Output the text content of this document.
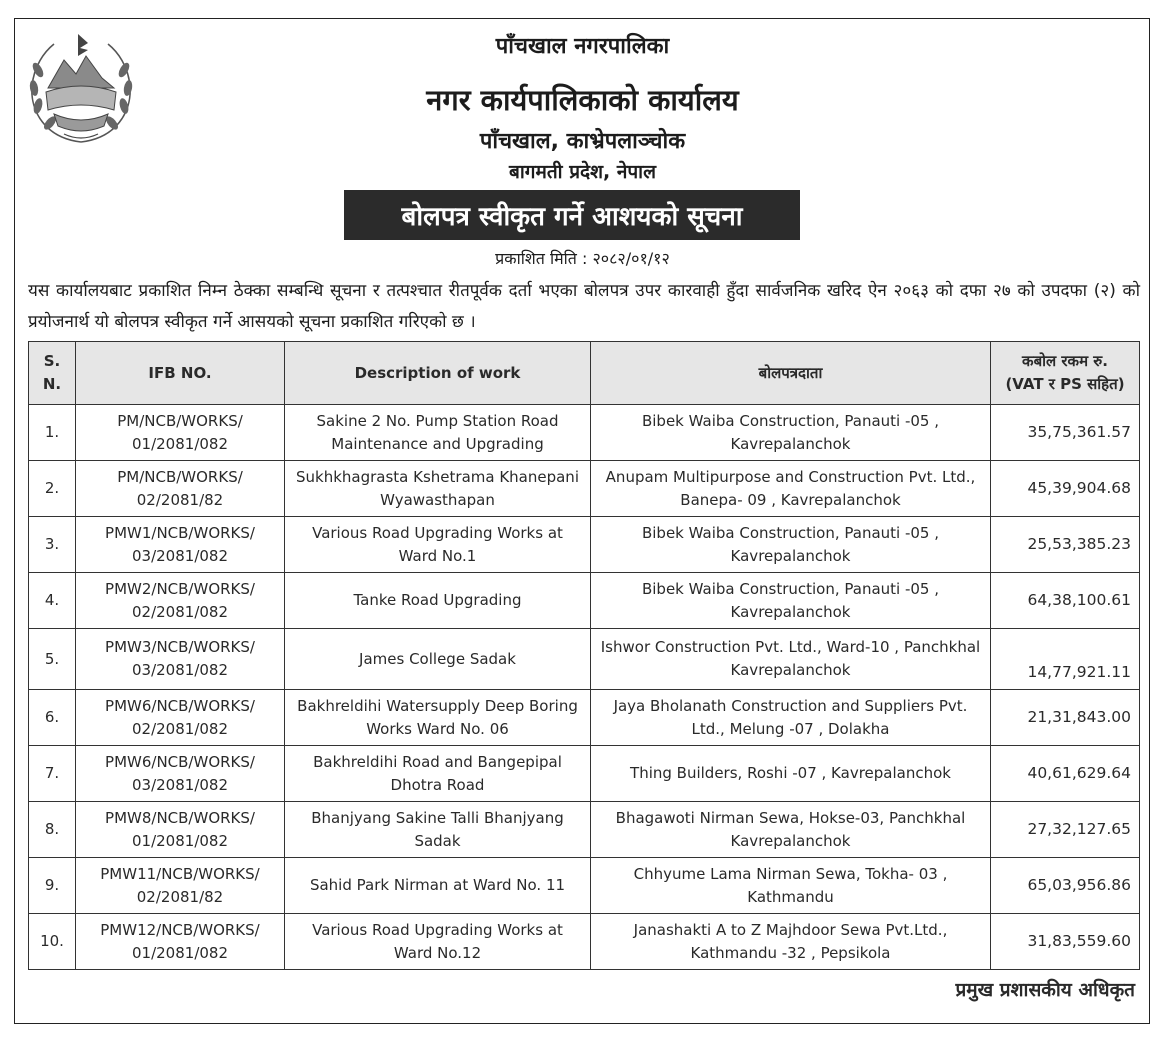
पाँचखाल नगरपालिका
नगर कार्यपालिकाको कार्यालय
पाँचखाल, काभ्रेपलाञ्चोक
बागमती प्रदेश, नेपाल
बोलपत्र स्वीकृत गर्ने आशयको सूचना
प्रकाशित मिति : २०८२/०१/१२
यस कार्यालयबाट प्रकाशित निम्न ठेक्का सम्बन्धि सूचना र तत्पश्चात रीतपूर्वक दर्ता भएका बोलपत्र उपर कारवाही हुँदा सार्वजनिक खरिद ऐन २०६३ को दफा २७ को उपदफा (२) को प्रयोजनार्थ यो बोलपत्र स्वीकृत गर्ने आसयको सूचना प्रकाशित गरिएको छ ।
S. N.	IFB NO.	Description of work	बोलपत्रदाता	कबोल रकम रु.
(VAT र PS सहित)

1.	PM/NCB/WORKS/ 01/2081/082	Sakine 2 No. Pump Station Road Maintenance and Upgrading	Bibek Waiba Construction, Panauti -05 , Kavrepalanchok	35,75,361.57
2.	PM/NCB/WORKS/ 02/2081/82	Sukhkhagrasta Kshetrama Khanepani Wyawasthapan	Anupam Multipurpose and Construction Pvt. Ltd., Banepa- 09 , Kavrepalanchok	45,39,904.68
3.	PMW1/NCB/WORKS/ 03/2081/082	Various Road Upgrading Works at Ward No.1	Bibek Waiba Construction, Panauti -05 , Kavrepalanchok	25,53,385.23
4.	PMW2/NCB/WORKS/ 02/2081/082	Tanke Road Upgrading	Bibek Waiba Construction, Panauti -05 , Kavrepalanchok	64,38,100.61
5.	PMW3/NCB/WORKS/ 03/2081/082	James College Sadak	Ishwor Construction Pvt. Ltd., Ward-10 , Panchkhal Kavrepalanchok	14,77,921.11
6.	PMW6/NCB/WORKS/ 02/2081/082	Bakhreldihi Watersupply Deep Boring Works Ward No. 06	Jaya Bholanath Construction and Suppliers Pvt. Ltd., Melung -07 , Dolakha	21,31,843.00
7.	PMW6/NCB/WORKS/ 03/2081/082	Bakhreldihi Road and Bangepipal Dhotra Road	Thing Builders, Roshi -07 , Kavrepalanchok	40,61,629.64
8.	PMW8/NCB/WORKS/ 01/2081/082	Bhanjyang Sakine Talli Bhanjyang Sadak	Bhagawoti Nirman Sewa, Hokse-03, Panchkhal Kavrepalanchok	27,32,127.65
9.	PMW11/NCB/WORKS/ 02/2081/82	Sahid Park Nirman at Ward No. 11	Chhyume Lama Nirman Sewa, Tokha- 03 , Kathmandu	65,03,956.86
10.	PMW12/NCB/WORKS/ 01/2081/082	Various Road Upgrading Works at Ward No.12	Janashakti A to Z Majhdoor Sewa Pvt.Ltd., Kathmandu -32 , Pepsikola	31,83,559.60
प्रमुख प्रशासकीय अधिकृत
